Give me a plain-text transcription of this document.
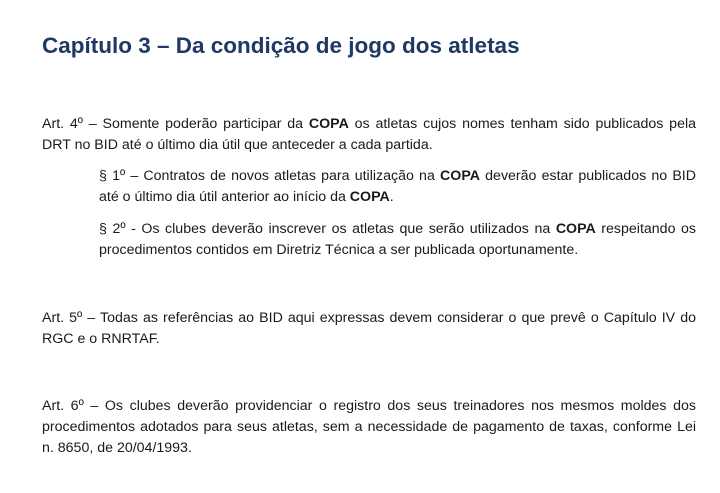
Capítulo 3 – Da condição de jogo dos atletas

Art. 4º – Somente poderão participar da COPA os atletas cujos nomes tenham sido publicados pela DRT no BID até o último dia útil que anteceder a cada partida.

§ 1º – Contratos de novos atletas para utilização na COPA deverão estar publicados no BID até o último dia útil anterior ao início da COPA.

§ 2º - Os clubes deverão inscrever os atletas que serão utilizados na COPA respeitando os procedimentos contidos em Diretriz Técnica a ser publicada oportunamente.

Art. 5º – Todas as referências ao BID aqui expressas devem considerar o que prevê o Capítulo IV do RGC e o RNRTAF.

Art. 6º – Os clubes deverão providenciar o registro dos seus treinadores nos mesmos moldes dos procedimentos adotados para seus atletas, sem a necessidade de pagamento de taxas, conforme Lei n. 8650, de 20/04/1993.
